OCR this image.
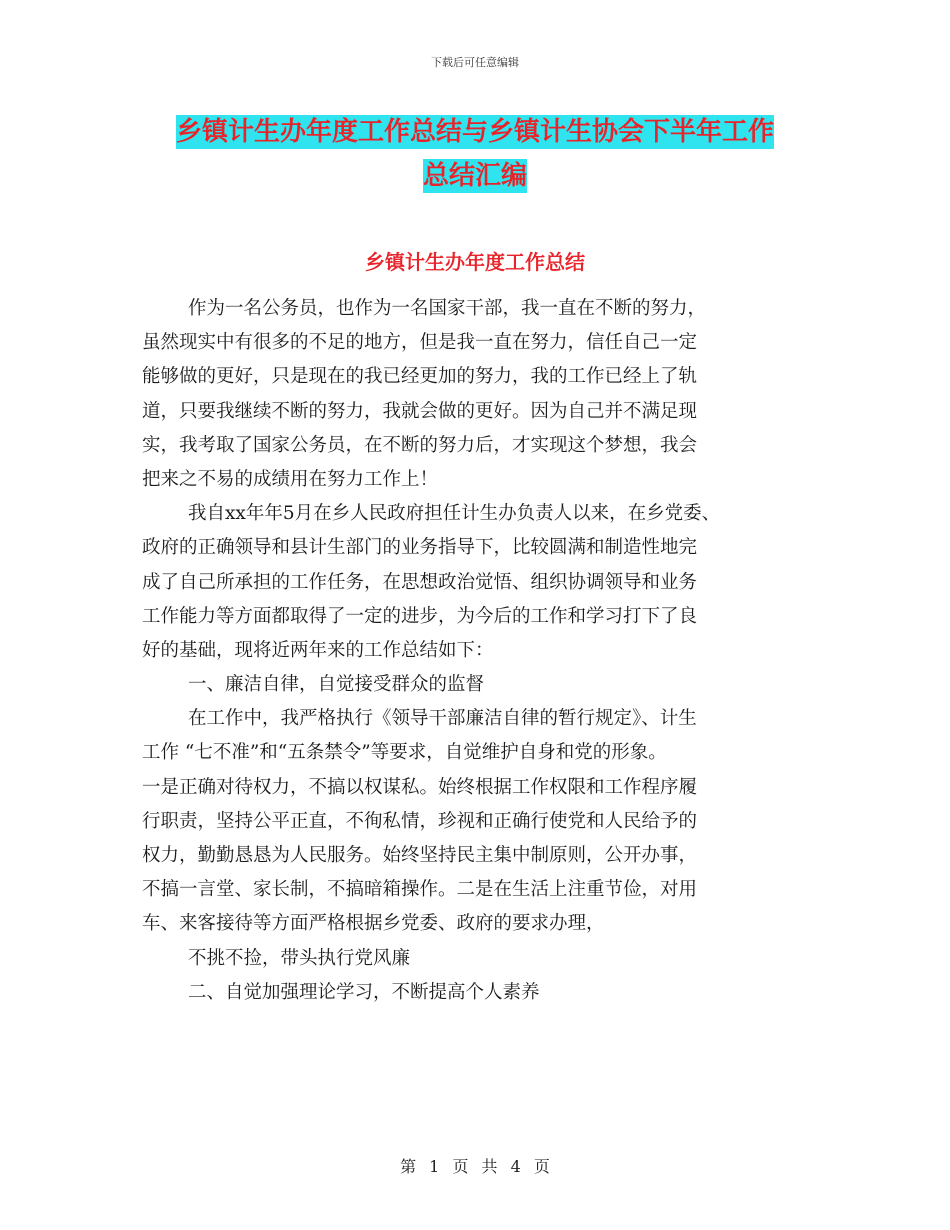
下载后可任意编辑
乡镇计生办年度工作总结与乡镇计生协会下半年工作
总结汇编
乡镇计生办年度工作总结
作为一名公务员，也作为一名国家干部，我一直在不断的努力，
虽然现实中有很多的不足的地方，但是我一直在努力，信任自己一定
能够做的更好，只是现在的我已经更加的努力，我的工作已经上了轨
道，只要我继续不断的努力，我就会做的更好。因为自己并不满足现
实，我考取了国家公务员，在不断的努力后，才实现这个梦想，我会
把来之不易的成绩用在努力工作上！
我自xx年年5月在乡人民政府担任计生办负责人以来，在乡党委、
政府的正确领导和县计生部门的业务指导下，比较圆满和制造性地完
成了自己所承担的工作任务，在思想政治觉悟、组织协调领导和业务
工作能力等方面都取得了一定的进步，为今后的工作和学习打下了良
好的基础，现将近两年来的工作总结如下：
一、廉洁自律，自觉接受群众的监督
在工作中，我严格执行《领导干部廉洁自律的暂行规定》、计生
工作 “七不准”和“五条禁令”等要求，自觉维护自身和党的形象。
一是正确对待权力，不搞以权谋私。始终根据工作权限和工作程序履
行职责，坚持公平正直，不徇私情，珍视和正确行使党和人民给予的
权力，勤勤恳恳为人民服务。始终坚持民主集中制原则，公开办事，
不搞一言堂、家长制，不搞暗箱操作。二是在生活上注重节俭，对用
车、来客接待等方面严格根据乡党委、政府的要求办理，
不挑不捡，带头执行党风廉
二、自觉加强理论学习，不断提高个人素养
第 1 页 共 4 页
